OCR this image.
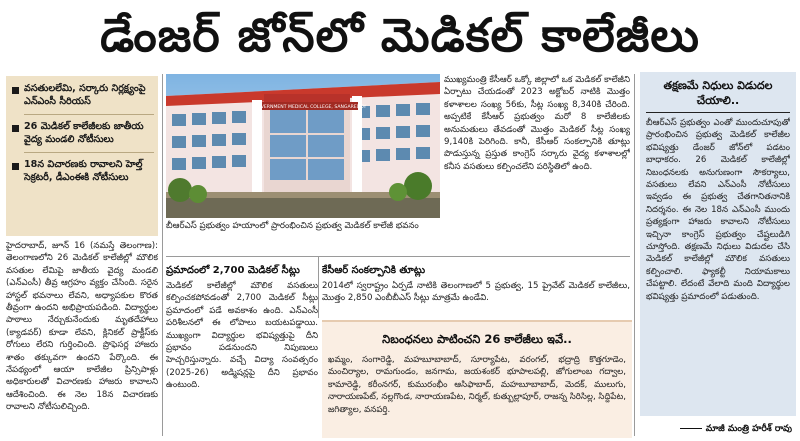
డేంజర్ జోన్‌లో మెడికల్ కాలేజీలు
వసతులలేమి, సర్కారు నిర్లక్ష్యంపై ఎన్ఎంసీ సీరియస్
26 మెడికల్ కాలేజీలకు జాతీయ వైద్య మండలి నోటీసులు
18న విచారణకు రావాలని హెల్త్ సెక్రటరీ, డీఎంఈకి నోటీసులు
హైదరాబాద్, జూన్ 16 (నమస్తే తెలంగాణ): తెలంగాణలోని 26 మెడికల్ కాలేజీల్లో మౌలిక వసతుల లేమిపై జాతీయ వైద్య మండలి (ఎన్ఎంసీ) తీవ్ర ఆగ్రహం వ్యక్తం చేసింది. సరైన హాస్టల్ భవనాలు లేవని, అధ్యాపకుల కొరత తీవ్రంగా ఉందని అభిప్రాయపడింది. విద్యార్థుల పాఠాలు నేర్చుకునేందుకు మృతదేహాలు (క్యాడవర్) కూడా లేవని, క్లినికల్ ప్రాక్టీస్‌కు రోగులు లేరని గుర్తించింది. ప్రొఫెసర్ల హాజరు శాతం తక్కువగా ఉందని పేర్కొంది. ఈ నేపథ్యంలో ఆయా కాలేజీల ప్రిన్సిపాళ్లు అధికారులతో విచారణకు హాజరు కావాలని ఆదేశించింది. ఈ నెల 18న విచారణకు రావాలని నోటీసులిచ్చింది.
GOVERNMENT MEDICAL COLLEGE, SANGAREDDY
బీఆర్ఎస్ ప్రభుత్వం హయాంలో ప్రారంభించిన ప్రభుత్వ మెడికల్ కాలేజీ భవనం
ప్రమాదంలో 2,700 మెడికల్ సీట్లు
మెడికల్ కాలేజీల్లో మౌలిక వసతులు కల్పించకపోవడంతో 2,700 మెడికల్ సీట్లు ప్రమాదంలో పడే అవకాశం ఉంది. ఎన్ఎంసీ పరిశీలనలో ఈ లోపాలు బయటపడ్డాయి. ముఖ్యంగా విద్యార్థుల భవిష్యత్తుపై దీని ప్రభావం పడనుందని నిపుణులు హెచ్చరిస్తున్నారు. వచ్చే విద్యా సంవత్సరం (2025-26) అడ్మిషన్లపై దీని ప్రభావం ఉంటుంది.
ముఖ్యమంత్రి కేసీఆర్ ఒక్కో జిల్లాలో ఒక మెడికల్ కాలేజీని ఏర్పాటు చేయడంతో 2023 అక్టోబర్ నాటికి మొత్తం కళాశాలల సంఖ్య 56కు, సీట్ల సంఖ్య 8,340కి చేరింది. అప్పటికే కేసీఆర్ ప్రభుత్వం మరో 8 కాలేజీలకు అనుమతులు తేవడంతో మొత్తం మెడికల్ సీట్ల సంఖ్య 9,140కి పెరిగింది. కానీ, కేసీఆర్ సంకల్పానికి తూట్లు పొడుస్తున్న ప్రస్తుత కాంగ్రెస్ సర్కారు వైద్య కళాశాలల్లో కనీస వసతులు కల్పించలేని పరిస్థితిలో ఉంది.
కేసీఆర్ సంకల్పానికి తూట్లు
2014లో స్వరాష్ట్రం ఏర్పడే నాటికి తెలంగాణలో 5 ప్రభుత్వ, 15 ప్రైవేట్ మెడికల్ కాలేజీలు, మొత్తం 2,850 ఎంబీబీఎస్ సీట్లు మాత్రమే ఉండేవి.
తక్షణమే నిధులు విడుదల చేయాలి..
బీఆర్ఎస్ ప్రభుత్వం ఎంతో ముందుచూపుతో ప్రారంభించిన ప్రభుత్వ మెడికల్ కాలేజీల భవిష్యత్తు డేంజర్ జోన్‌లో పడటం బాధాకరం. 26 మెడికల్ కాలేజీల్లో నిబంధనలకు అనుగుణంగా సౌకర్యాలు, వసతులు లేవని ఎన్ఎంసీ నోటీసులు ఇవ్వడం ఈ ప్రభుత్వ చేతగానితనానికి నిదర్శనం. ఈ నెల 18న ఎన్ఎంసీ ముందు ప్రత్యక్షంగా హాజరు కావాలని నోటీసులు ఇచ్చినా కాంగ్రెస్ ప్రభుత్వం చేష్టలుడిగి చూస్తోంది. తక్షణమే నిధులు విడుదల చేసి మెడికల్ కాలేజీల్లో మౌలిక వసతులు కల్పించాలి. ఫ్యాకల్టీ నియామకాలు చేపట్టాలి. లేదంటే వేలాది మంది విద్యార్థుల భవిష్యత్తు ప్రమాదంలో పడుతుంది.
మాజీ మంత్రి హరీశ్ రావు
నిబంధనలు పాటించని 26 కాలేజీలు ఇవే..
ఖమ్మం, సంగారెడ్డి, మహబూబాబాద్, సూర్యాపేట, వరంగల్, భద్రాద్రి కొత్తగూడెం, మంచిర్యాల, రామగుండం, జనగామ, జయశంకర్ భూపాలపల్లి, జోగులాంబ గద్వాల, కామారెడ్డి, కరీంనగర్, కుమురంభీం ఆసిఫాబాద్, మహబూబాబాద్, మెదక్, ములుగు, నారాయణపేట్, నల్లగొండ, నారాయణపేట, నిర్మల్, కుత్బుల్లాపూర్, రాజన్న సిరిసిల్ల, సిద్దిపేట, జగిత్యాల, వనపర్తి.
